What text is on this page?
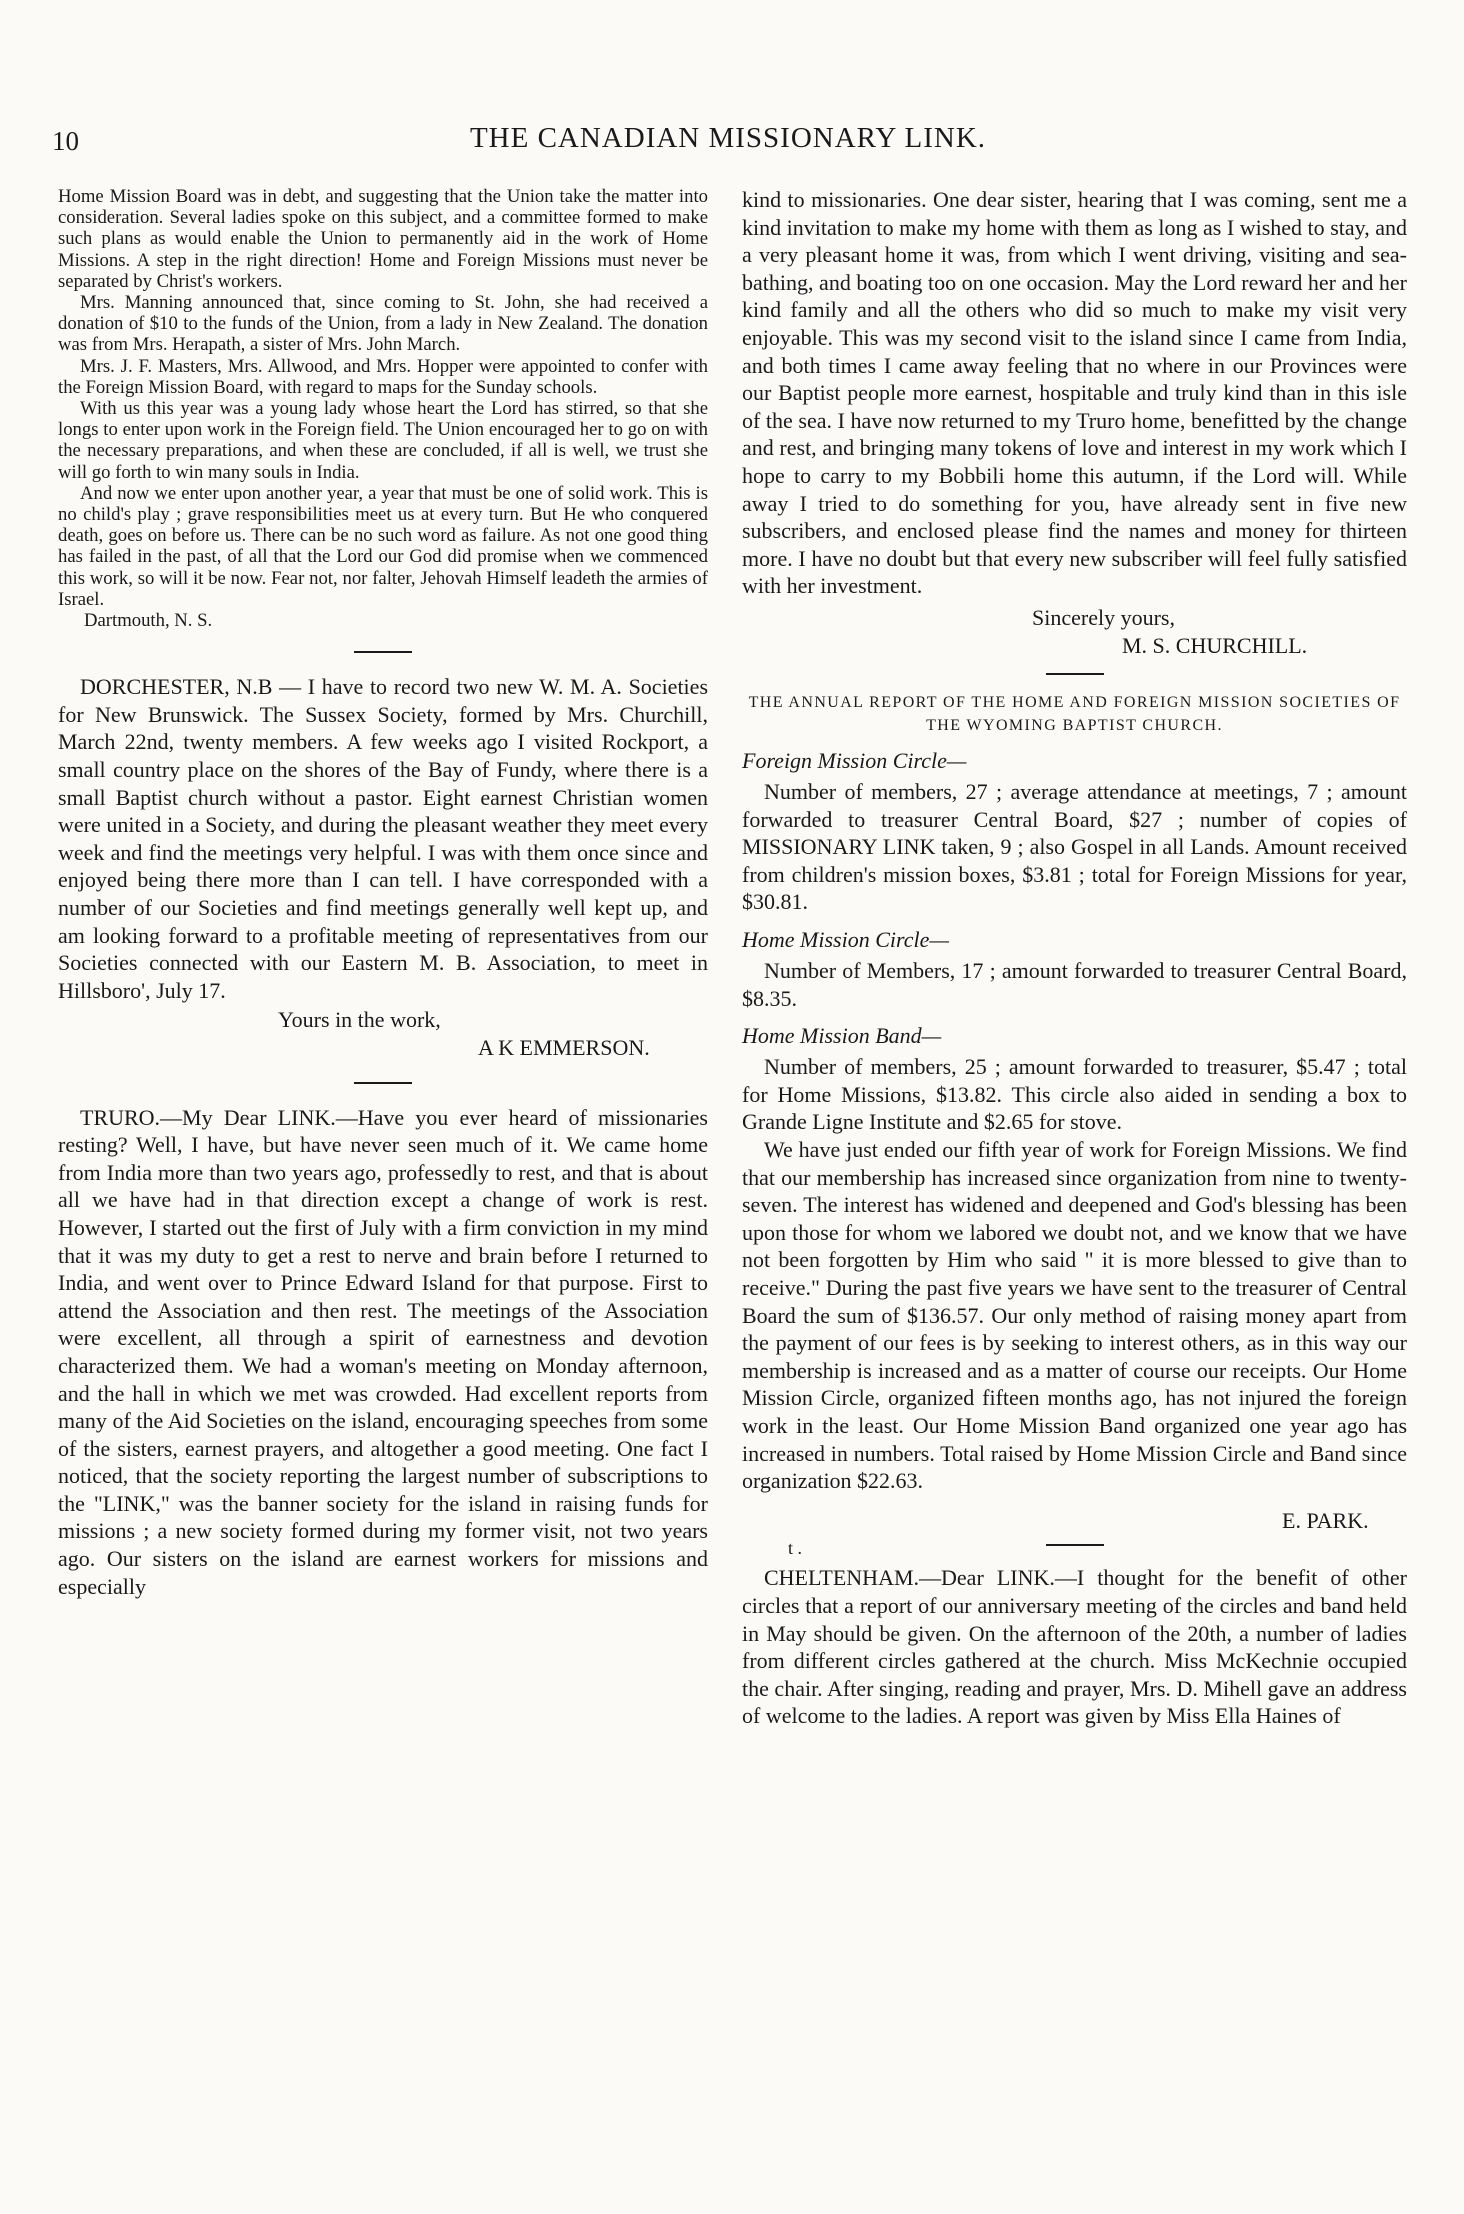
10	THE CANADIAN MISSIONARY LINK.

Home Mission Board was in debt, and suggesting that the Union take the matter into consideration. Several ladies spoke on this subject, and a committee formed to make such plans as would enable the Union to permanently aid in the work of Home Missions. A step in the right direction! Home and Foreign Missions must never be separated by Christ's workers.

Mrs. Manning announced that, since coming to St. John, she had received a donation of $10 to the funds of the Union, from a lady in New Zealand. The donation was from Mrs. Herapath, a sister of Mrs. John March.

Mrs. J. F. Masters, Mrs. Allwood, and Mrs. Hopper were appointed to confer with the Foreign Mission Board, with regard to maps for the Sunday schools.

With us this year was a young lady whose heart the Lord has stirred, so that she longs to enter upon work in the Foreign field. The Union encouraged her to go on with the necessary preparations, and when these are concluded, if all is well, we trust she will go forth to win many souls in India.

And now we enter upon another year, a year that must be one of solid work. This is no child's play ; grave responsibilities meet us at every turn. But He who conquered death, goes on before us. There can be no such word as failure. As not one good thing has failed in the past, of all that the Lord our God did promise when we commenced this work, so will it be now. Fear not, nor falter, Jehovah Himself leadeth the armies of Israel.

Dartmouth, N. S.

DORCHESTER, N.B — I have to record two new W. M. A. Societies for New Brunswick. The Sussex Society, formed by Mrs. Churchill, March 22nd, twenty members. A few weeks ago I visited Rockport, a small country place on the shores of the Bay of Fundy, where there is a small Baptist church without a pastor. Eight earnest Christian women were united in a Society, and during the pleasant weather they meet every week and find the meetings very helpful. I was with them once since and enjoyed being there more than I can tell. I have corresponded with a number of our Societies and find meetings generally well kept up, and am looking forward to a profitable meeting of representatives from our Societies connected with our Eastern M. B. Association, to meet in Hillsboro', July 17.

Yours in the work,

A K EMMERSON.

TRURO.—My Dear LINK.—Have you ever heard of missionaries resting? Well, I have, but have never seen much of it. We came home from India more than two years ago, professedly to rest, and that is about all we have had in that direction except a change of work is rest. However, I started out the first of July with a firm conviction in my mind that it was my duty to get a rest to nerve and brain before I returned to India, and went over to Prince Edward Island for that purpose. First to attend the Association and then rest. The meetings of the Association were excellent, all through a spirit of earnestness and devotion characterized them. We had a woman's meeting on Monday afternoon, and the hall in which we met was crowded. Had excellent reports from many of the Aid Societies on the island, encouraging speeches from some of the sisters, earnest prayers, and altogether a good meeting. One fact I noticed, that the society reporting the largest number of subscriptions to the "LINK," was the banner society for the island in raising funds for missions ; a new society formed during my former visit, not two years ago. Our sisters on the island are earnest workers for missions and especially

kind to missionaries. One dear sister, hearing that I was coming, sent me a kind invitation to make my home with them as long as I wished to stay, and a very pleasant home it was, from which I went driving, visiting and sea-bathing, and boating too on one occasion. May the Lord reward her and her kind family and all the others who did so much to make my visit very enjoyable. This was my second visit to the island since I came from India, and both times I came away feeling that no where in our Provinces were our Baptist people more earnest, hospitable and truly kind than in this isle of the sea. I have now returned to my Truro home, benefitted by the change and rest, and bringing many tokens of love and interest in my work which I hope to carry to my Bobbili home this autumn, if the Lord will. While away I tried to do something for you, have already sent in five new subscribers, and enclosed please find the names and money for thirteen more. I have no doubt but that every new subscriber will feel fully satisfied with her investment.

Sincerely yours,

M. S. CHURCHILL.

THE ANNUAL REPORT OF THE HOME AND FOREIGN MISSION SOCIETIES OF THE WYOMING BAPTIST CHURCH.

Foreign Mission Circle—

Number of members, 27 ; average attendance at meetings, 7 ; amount forwarded to treasurer Central Board, $27 ; number of copies of MISSIONARY LINK taken, 9 ; also Gospel in all Lands. Amount received from children's mission boxes, $3.81 ; total for Foreign Missions for year, $30.81.

Home Mission Circle—

Number of Members, 17 ; amount forwarded to treasurer Central Board, $8.35.

Home Mission Band—

Number of members, 25 ; amount forwarded to treasurer, $5.47 ; total for Home Missions, $13.82. This circle also aided in sending a box to Grande Ligne Institute and $2.65 for stove.

We have just ended our fifth year of work for Foreign Missions. We find that our membership has increased since organization from nine to twenty-seven. The interest has widened and deepened and God's blessing has been upon those for whom we labored we doubt not, and we know that we have not been forgotten by Him who said " it is more blessed to give than to receive." During the past five years we have sent to the treasurer of Central Board the sum of $136.57. Our only method of raising money apart from the payment of our fees is by seeking to interest others, as in this way our membership is increased and as a matter of course our receipts. Our Home Mission Circle, organized fifteen months ago, has not injured the foreign work in the least. Our Home Mission Band organized one year ago has increased in numbers. Total raised by Home Mission Circle and Band since organization $22.63.

E. PARK.

t .

CHELTENHAM.—Dear LINK.—I thought for the benefit of other circles that a report of our anniversary meeting of the circles and band held in May should be given. On the afternoon of the 20th, a number of ladies from different circles gathered at the church. Miss McKechnie occupied the chair. After singing, reading and prayer, Mrs. D. Mihell gave an address of welcome to the ladies. A report was given by Miss Ella Haines of
